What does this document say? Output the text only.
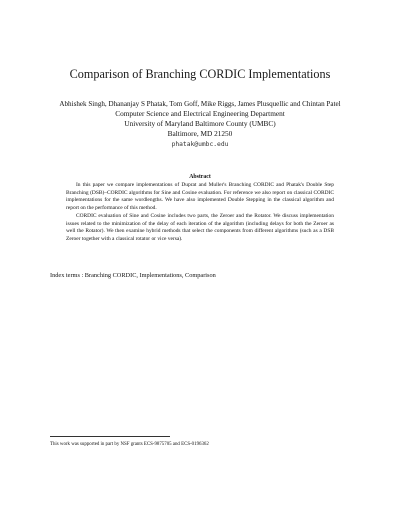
Comparison of Branching CORDIC Implementations
Abhishek Singh, Dhananjay S Phatak, Tom Goff, Mike Riggs, James Plusquellic and Chintan Patel
Computer Science and Electrical Engineering Department
University of Maryland Baltimore County (UMBC)
Baltimore, MD 21250
phatak@umbc.edu
Abstract

In this paper we compare implementations of Duprat and Muller's Branching CORDIC and Phatak's Double Step Branching (DSB)–CORDIC algorithms for Sine and Cosine evaluation. For reference we also report on classical CORDIC implementations for the same wordlengths. We have also implemented Double Stepping in the classical algorithm and report on the performance of this method.

CORDIC evaluation of Sine and Cosine includes two parts, the Zeroer and the Rotator. We discuss implementation issues related to the minimization of the delay of each iteration of the algorithm (including delays for both the Zeroer as well the Rotator). We then examine hybrid methods that select the components from different algorithms (such as a DSB Zeroer together with a classical rotator or vice versa).

Index terms : Branching CORDIC, Implementations, Comparison
This work was supported in part by NSF grants ECS-9875705 and ECS-0196362
